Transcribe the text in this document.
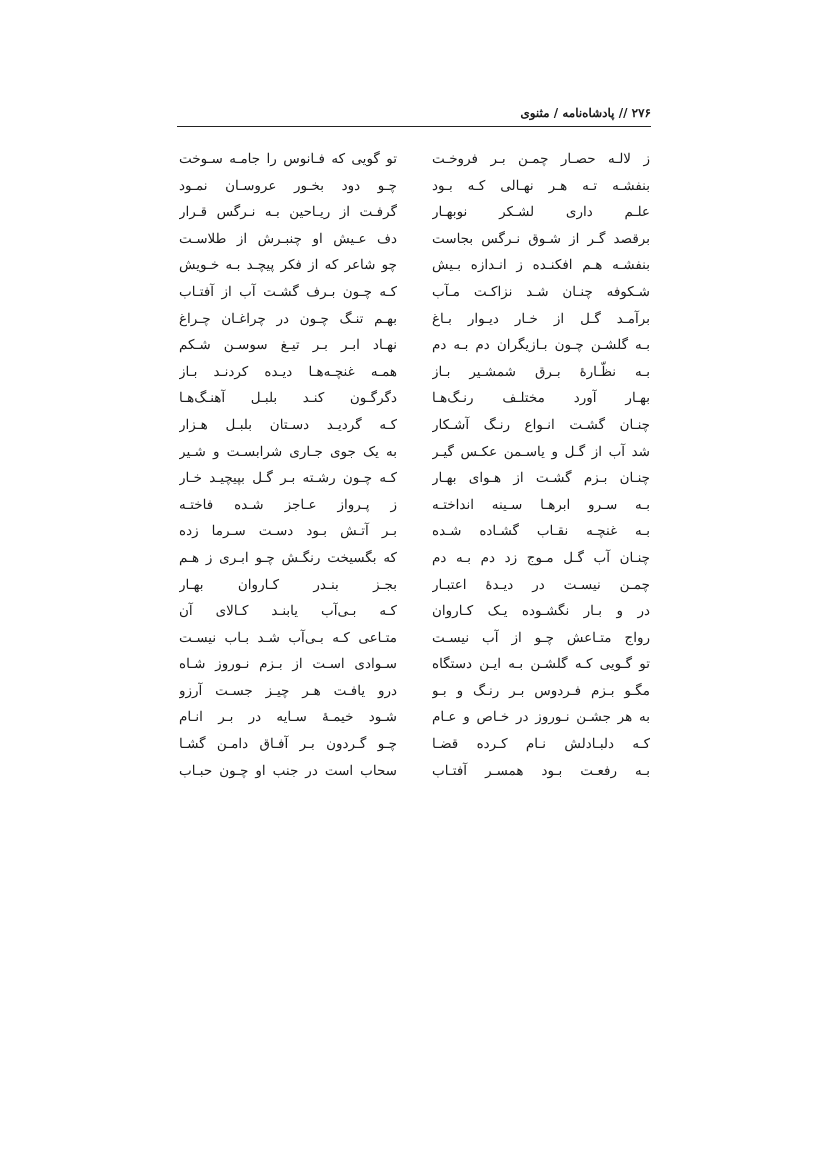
۲۷۶ // پادشاه‌نامه / مثنوی
ز لالـه حصـار چمـن بـر فروخـت
بنفشـه تـه هـر نهـالی کـه بـود
علـم داری لشـکر نوبهـار
برقصد گـر از شـوق نـرگس بجاست
بنفشـه هـم افکنـده ز انـدازه بـیش
شـکوفه چنـان شـد نزاکـت مـآب
برآمـد گـل از خـار دیـوار بـاغ
بـه گلشـن چـون بـازیگران دم بـه دم
بـه نظّـارهٔ بـرق شمشـیر بـاز
بهـار آورد مختلـف رنـگ‌هـا
چنـان گشـت انـواع رنـگ آشـکار
شد آب از گـل و یاسـمن عکـس گیـر
چنـان بـزم گشـت از هـوای بهـار
بـه سـرو ابرهـا سـینه انداختـه
بـه غنچـه نقـاب گشـاده شـده
چنـان آب گـل مـوج زد دم بـه دم
چمـن نیسـت در دیـدهٔ اعتبـار
در و بـار نگشـوده یـک کـاروان
رواج متـاعش چـو از آب نیسـت
تو گـویی کـه گلشـن بـه ایـن دستگاه
مگـو بـزم فـردوس بـر رنـگ و بـو
به هر جشـن نـوروز در خـاص و عـام
کـه دلبـادلش نـام کـرده قضـا
بـه رفعـت بـود همسـر آفتـاب
تو گویی که فـانوس را جامـه سـوخت
چـو دود بخـور عروسـان نمـود
گرفـت از ریـاحین بـه نـرگس قـرار
دف عـیش او چنبـرش از طلاسـت
چو شاعر که از فکر پیچـد بـه خـویش
کـه چـون بـرف گشـت آب از آفتـاب
بهـم تنـگ چـون در چراغـان چـراغ
نهـاد ابـر بـر تیـغ سوسـن شـکم
همـه غنچـه‌هـا دیـده کردنـد بـاز
دگرگـون کنـد بلبـل آهنـگ‌هـا
کـه گردیـد دسـتان بلبـل هـزار
به یک جوی جـاری شرابسـت و شـیر
کـه چـون رشـته بـر گـل بپیچیـد خـار
ز پـرواز عـاجز شـده فاختـه
بـر آتـش بـود دسـت سـرما زده
که بگسیخت رنگـش چـو ابـری ز هـم
بجـز بنـدر کـاروان بهـار
کـه بـی‌آب یابنـد کـالای آن
متـاعی کـه بـی‌آب شـد بـاب نیسـت
سـوادی اسـت از بـزم نـوروز شـاه
درو یافـت هـر چیـز جسـت آرزو
شـود خیمـهٔ سـایه در بـر انـام
چـو گـردون بـر آفـاق دامـن گشـا
سحاب است در جنب او چـون حبـاب
